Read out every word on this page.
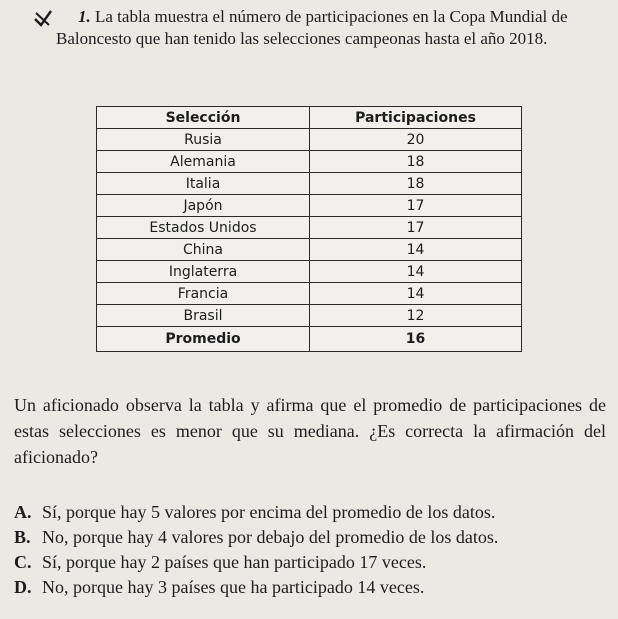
1. La tabla muestra el número de participaciones en la Copa Mundial de Baloncesto que han tenido las selecciones campeonas hasta el año 2018.
Selección	Participaciones
Rusia	20
Alemania	18
Italia	18
Japón	17
Estados Unidos	17
China	14
Inglaterra	14
Francia	14
Brasil	12
Promedio	16
Un aficionado observa la tabla y afirma que el promedio de participaciones de estas selecciones es menor que su mediana. ¿Es correcta la afirmación del aficionado?
A. Sí, porque hay 5 valores por encima del promedio de los datos.
B. No, porque hay 4 valores por debajo del promedio de los datos.
C. Sí, porque hay 2 países que han participado 17 veces.
D. No, porque hay 3 países que ha participado 14 veces.
